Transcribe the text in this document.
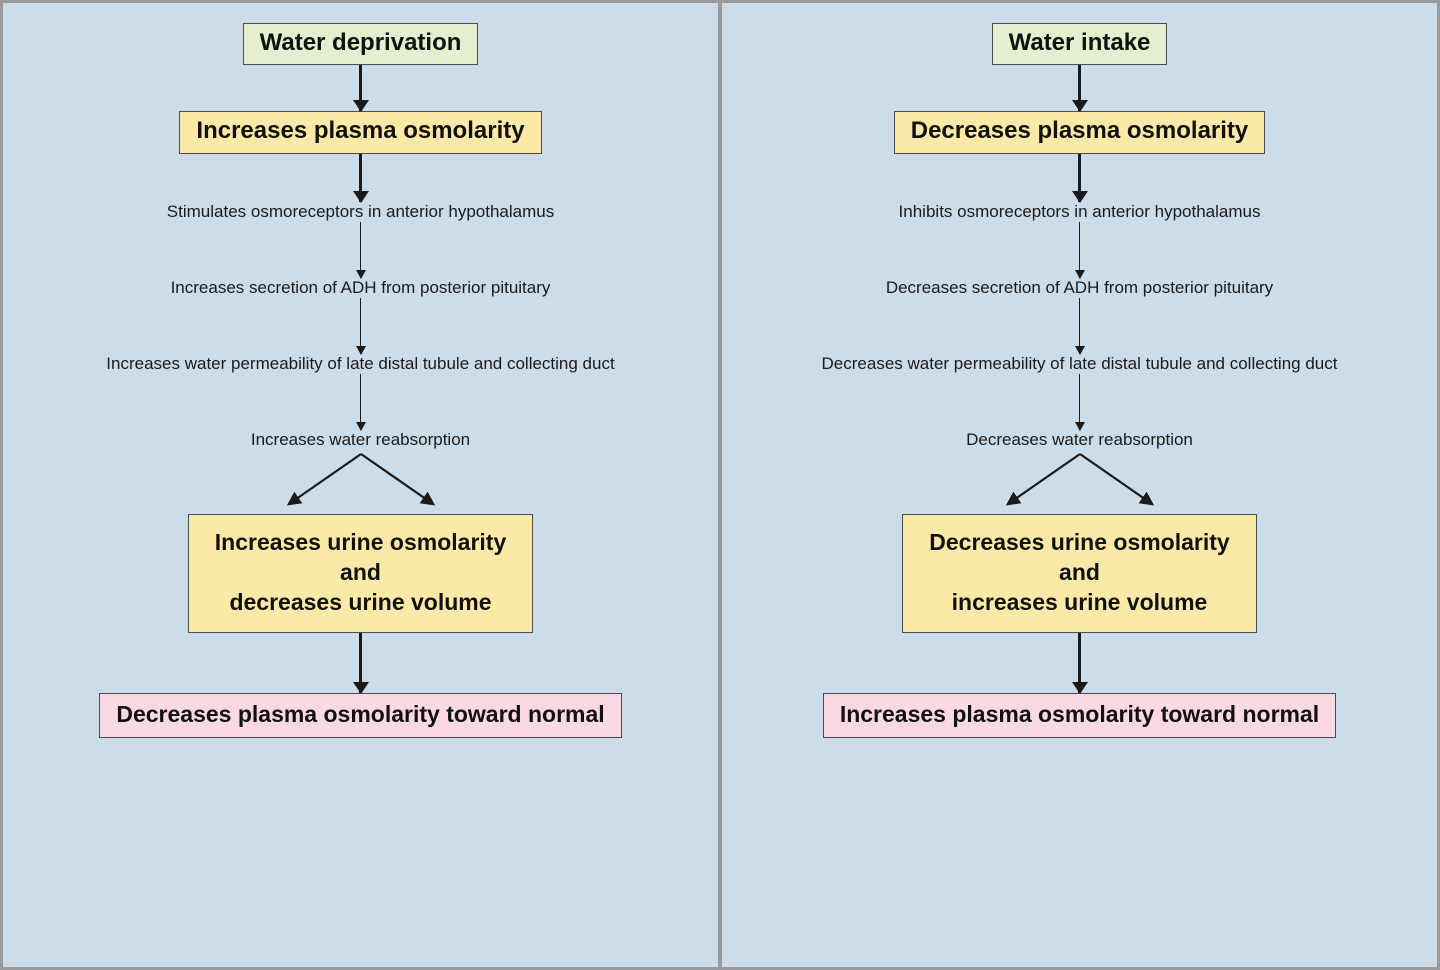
Water deprivation
Increases plasma osmolarity
Stimulates osmoreceptors in anterior hypothalamus
Increases secretion of ADH from posterior pituitary
Increases water permeability of late distal tubule and collecting duct
Increases water reabsorption
Increases urine osmolarity
and
decreases urine volume
Decreases plasma osmolarity toward normal
Water intake
Decreases plasma osmolarity
Inhibits osmoreceptors in anterior hypothalamus
Decreases secretion of ADH from posterior pituitary
Decreases water permeability of late distal tubule and collecting duct
Decreases water reabsorption
Decreases urine osmolarity
and
increases urine volume
Increases plasma osmolarity toward normal
